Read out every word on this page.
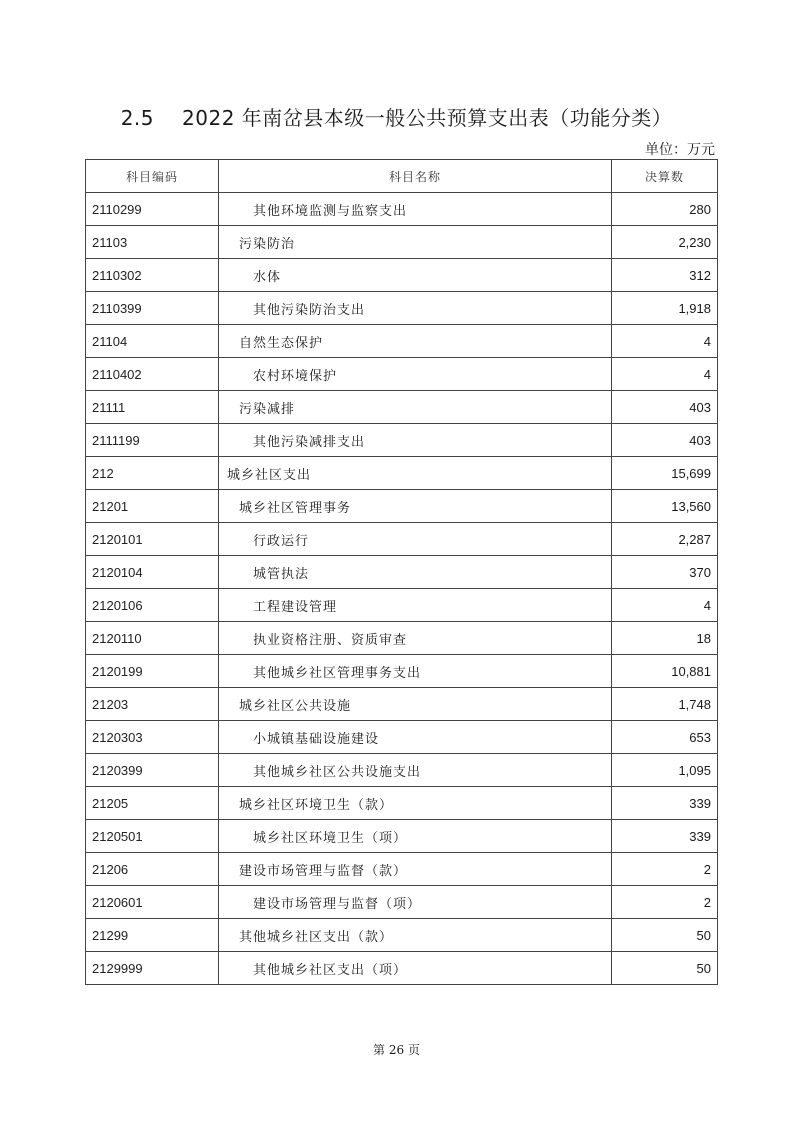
2.5 2022 年南岔县本级一般公共预算支出表（功能分类）
单位：万元
科目编码	科目名称	决算数
2110299	其他环境监测与监察支出	280
21103	污染防治	2,230
2110302	水体	312
2110399	其他污染防治支出	1,918
21104	自然生态保护	4
2110402	农村环境保护	4
21111	污染减排	403
2111199	其他污染减排支出	403
212	城乡社区支出	15,699
21201	城乡社区管理事务	13,560
2120101	行政运行	2,287
2120104	城管执法	370
2120106	工程建设管理	4
2120110	执业资格注册、资质审查	18
2120199	其他城乡社区管理事务支出	10,881
21203	城乡社区公共设施	1,748
2120303	小城镇基础设施建设	653
2120399	其他城乡社区公共设施支出	1,095
21205	城乡社区环境卫生（款）	339
2120501	城乡社区环境卫生（项）	339
21206	建设市场管理与监督（款）	2
2120601	建设市场管理与监督（项）	2
21299	其他城乡社区支出（款）	50
2129999	其他城乡社区支出（项）	50
第 26 页
